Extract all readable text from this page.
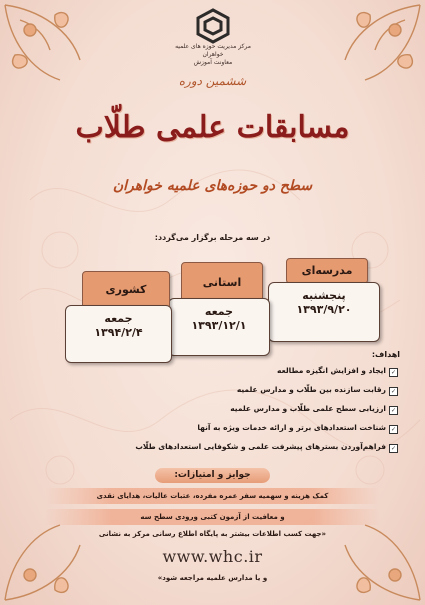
مرکز مدیریت حوزه های علمیه خواهران
معاونت آموزش
ششمین دوره
مسابقات علمی طلّاب
سطح دو حوزه‌های علمیه خواهران
در سه مرحله برگزار می‌گردد:
مدرسه‌ای
پنجشنبه
۱۳۹۳/۹/۲۰
استانی
جمعه
۱۳۹۳/۱۲/۱
کشوری
جمعه
۱۳۹۴/۲/۴
اهداف:
✓
ایجاد و افزایش انگیزه مطالعه
✓
رقابت سازنده بین طلّاب و مدارس علمیه
✓
ارزیابی سطح علمی طلّاب و مدارس علمیه
✓
شناخت استعدادهای برتر و ارائه خدمات ویژه به آنها
✓
فراهم‌آوردن بسترهای پیشرفت علمی و شکوفایی استعدادهای طلّاب
جوایز و امتیازات:
کمک هزینه و سهمیه سفر عمره مفرده، عتبات عالیات، هدایای نقدی
و معافیت از آزمون کتبی ورودی سطح سه
«جهت کسب اطلاعات بیشتر به پایگاه اطلاع رسانی مرکز به نشانی
www.whc.ir
و یا مدارس علمیه مراجعه شود»
